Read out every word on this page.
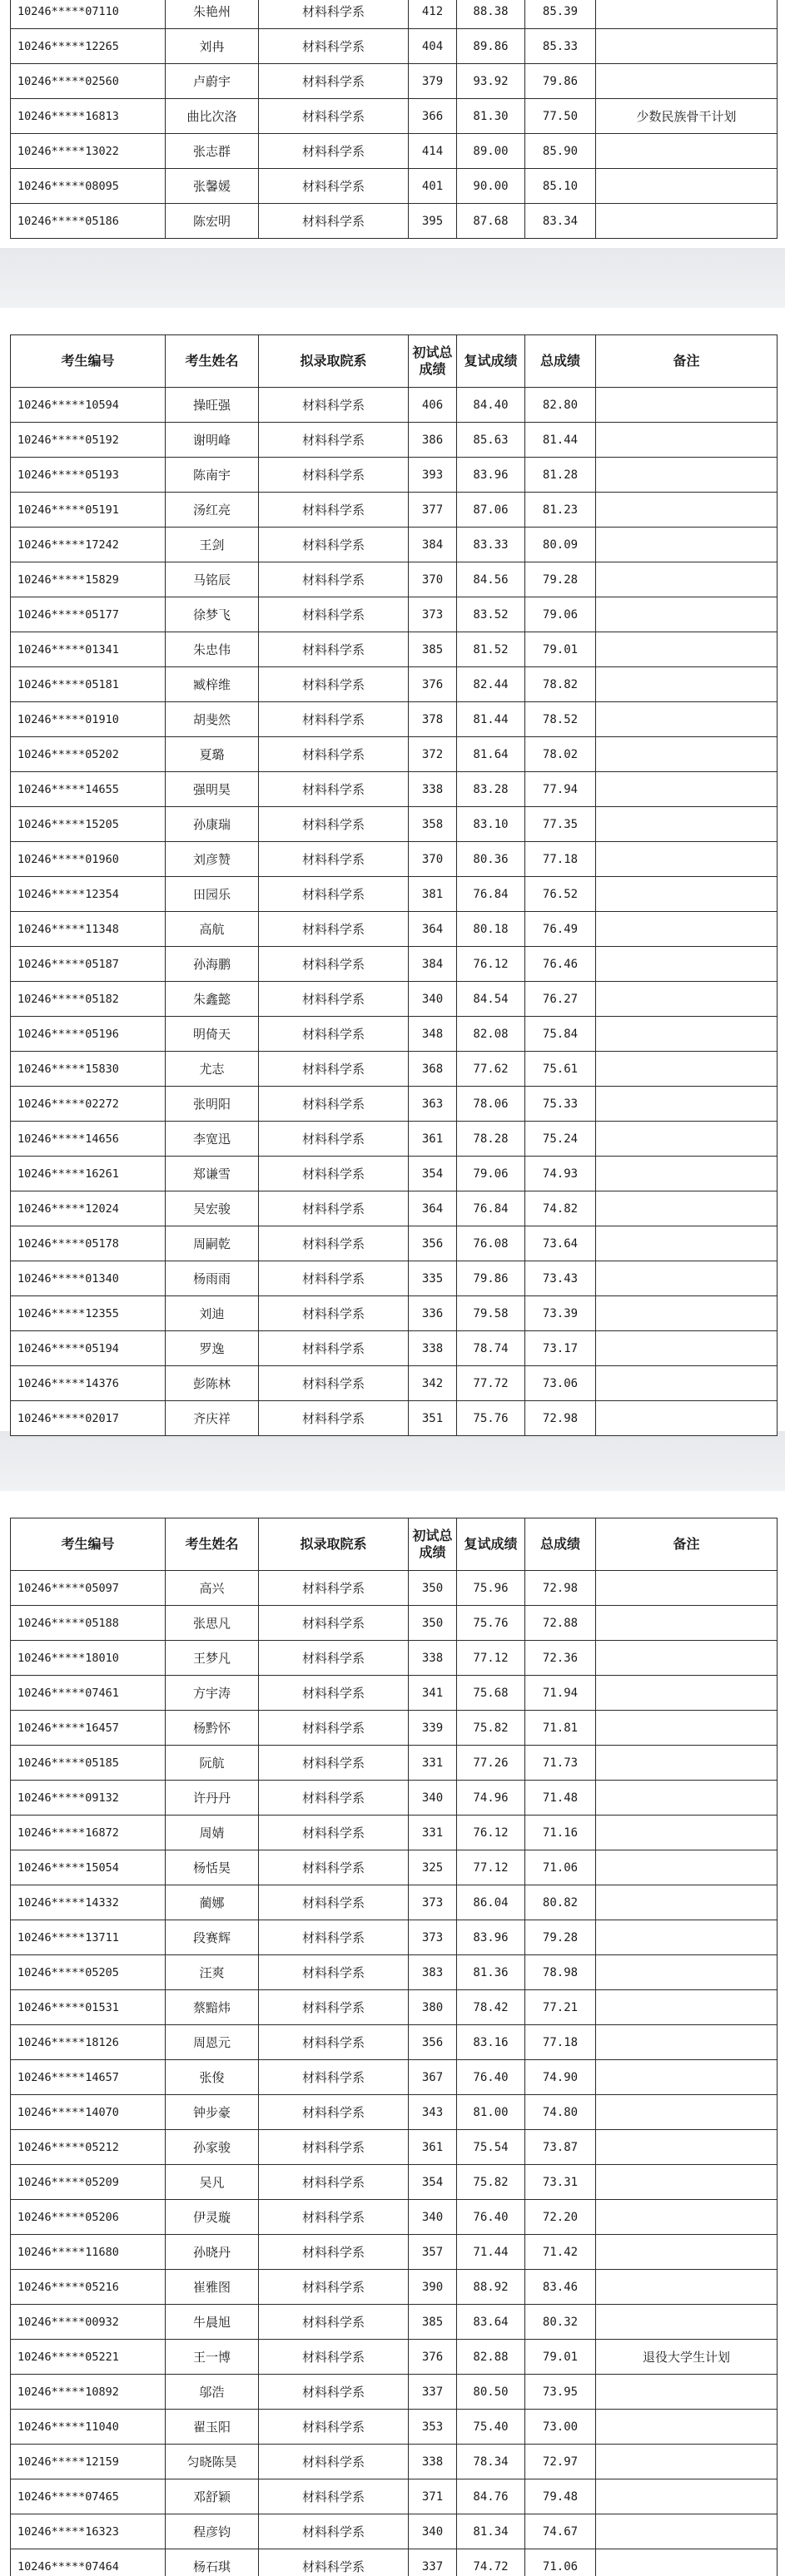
10246*****07110	朱艳州	材料科学系	412	88.38	85.39	
10246*****12265	刘冉	材料科学系	404	89.86	85.33	
10246*****02560	卢蔚宇	材料科学系	379	93.92	79.86	
10246*****16813	曲比次洛	材料科学系	366	81.30	77.50	少数民族骨干计划
10246*****13022	张志群	材料科学系	414	89.00	85.90	
10246*****08095	张馨媛	材料科学系	401	90.00	85.10	
10246*****05186	陈宏明	材料科学系	395	87.68	83.34	
考生编号	考生姓名	拟录取院系	初试总成绩	复试成绩	总成绩	备注
10246*****10594	操旺强	材料科学系	406	84.40	82.80	
10246*****05192	谢明峰	材料科学系	386	85.63	81.44	
10246*****05193	陈南宇	材料科学系	393	83.96	81.28	
10246*****05191	汤红亮	材料科学系	377	87.06	81.23	
10246*****17242	王剑	材料科学系	384	83.33	80.09	
10246*****15829	马铭辰	材料科学系	370	84.56	79.28	
10246*****05177	徐梦飞	材料科学系	373	83.52	79.06	
10246*****01341	朱忠伟	材料科学系	385	81.52	79.01	
10246*****05181	臧梓维	材料科学系	376	82.44	78.82	
10246*****01910	胡斐然	材料科学系	378	81.44	78.52	
10246*****05202	夏璐	材料科学系	372	81.64	78.02	
10246*****14655	强明昊	材料科学系	338	83.28	77.94	
10246*****15205	孙康瑞	材料科学系	358	83.10	77.35	
10246*****01960	刘彦赞	材料科学系	370	80.36	77.18	
10246*****12354	田园乐	材料科学系	381	76.84	76.52	
10246*****11348	高航	材料科学系	364	80.18	76.49	
10246*****05187	孙海鹏	材料科学系	384	76.12	76.46	
10246*****05182	朱鑫懿	材料科学系	340	84.54	76.27	
10246*****05196	明倚天	材料科学系	348	82.08	75.84	
10246*****15830	尤志	材料科学系	368	77.62	75.61	
10246*****02272	张明阳	材料科学系	363	78.06	75.33	
10246*****14656	李宽迅	材料科学系	361	78.28	75.24	
10246*****16261	郑谦雪	材料科学系	354	79.06	74.93	
10246*****12024	吴宏骏	材料科学系	364	76.84	74.82	
10246*****05178	周嗣乾	材料科学系	356	76.08	73.64	
10246*****01340	杨雨雨	材料科学系	335	79.86	73.43	
10246*****12355	刘迪	材料科学系	336	79.58	73.39	
10246*****05194	罗逸	材料科学系	338	78.74	73.17	
10246*****14376	彭陈林	材料科学系	342	77.72	73.06	
10246*****02017	齐庆祥	材料科学系	351	75.76	72.98	
考生编号	考生姓名	拟录取院系	初试总成绩	复试成绩	总成绩	备注
10246*****05097	高兴	材料科学系	350	75.96	72.98	
10246*****05188	张思凡	材料科学系	350	75.76	72.88	
10246*****18010	王梦凡	材料科学系	338	77.12	72.36	
10246*****07461	方宇涛	材料科学系	341	75.68	71.94	
10246*****16457	杨黔怀	材料科学系	339	75.82	71.81	
10246*****05185	阮航	材料科学系	331	77.26	71.73	
10246*****09132	许丹丹	材料科学系	340	74.96	71.48	
10246*****16872	周婧	材料科学系	331	76.12	71.16	
10246*****15054	杨恬昊	材料科学系	325	77.12	71.06	
10246*****14332	蔺娜	材料科学系	373	86.04	80.82	
10246*****13711	段赛辉	材料科学系	373	83.96	79.28	
10246*****05205	汪爽	材料科学系	383	81.36	78.98	
10246*****01531	蔡黯炜	材料科学系	380	78.42	77.21	
10246*****18126	周恩元	材料科学系	356	83.16	77.18	
10246*****14657	张俊	材料科学系	367	76.40	74.90	
10246*****14070	钟步豪	材料科学系	343	81.00	74.80	
10246*****05212	孙家骏	材料科学系	361	75.54	73.87	
10246*****05209	吴凡	材料科学系	354	75.82	73.31	
10246*****05206	伊灵璇	材料科学系	340	76.40	72.20	
10246*****11680	孙晓丹	材料科学系	357	71.44	71.42	
10246*****05216	崔雅图	材料科学系	390	88.92	83.46	
10246*****00932	牛晨旭	材料科学系	385	83.64	80.32	
10246*****05221	王一博	材料科学系	376	82.88	79.01	退役大学生计划
10246*****10892	邬浩	材料科学系	337	80.50	73.95	
10246*****11040	翟玉阳	材料科学系	353	75.40	73.00	
10246*****12159	匀晓陈昊	材料科学系	338	78.34	72.97	
10246*****07465	邓舒颖	材料科学系	371	84.76	79.48	
10246*****16323	程彦钧	材料科学系	340	81.34	74.67	
10246*****07464	杨石琪	材料科学系	337	74.72	71.06	
